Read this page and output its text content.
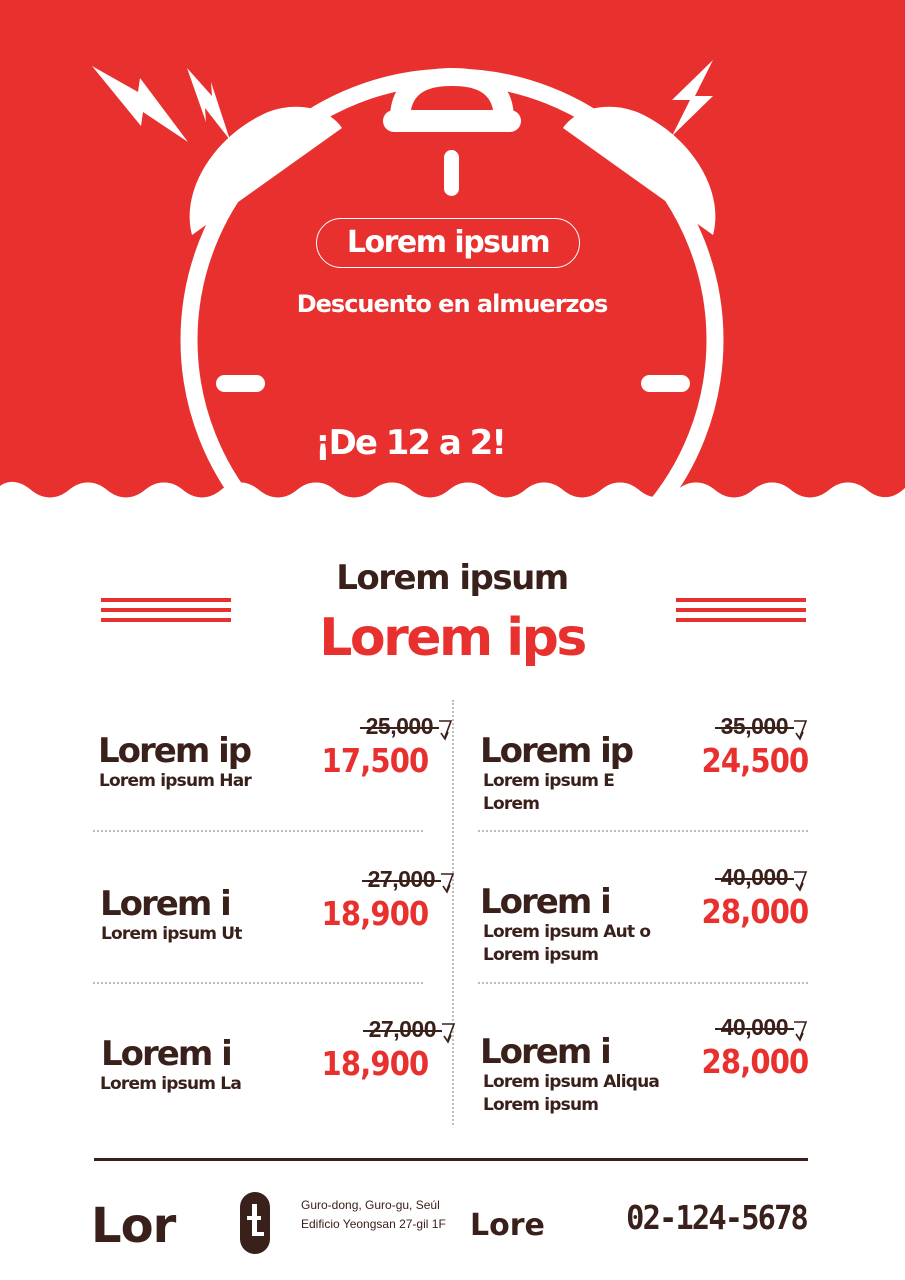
Lorem ipsum
Descuento en almuerzos
¡De 12 a 2!
Lorem ipsum
Lorem ips
Lorem ip
Lorem ipsum Har
25,000
17,500 Lorem ip
Lorem ipsum E Lorem
35,000
24,500
Lorem i
Lorem ipsum Ut
27,000
18,900 Lorem i
Lorem ipsum Aut o Lorem ipsum
40,000
28,000
Lorem i
Lorem ipsum La
27,000
18,900 Lorem i
Lorem ipsum Aliqua Lorem ipsum
40,000
28,000
Lor	Guro-dong, Guro-gu, Seúl
Edificio Yeongsan 27-gil 1F Lore	02-124-5678
